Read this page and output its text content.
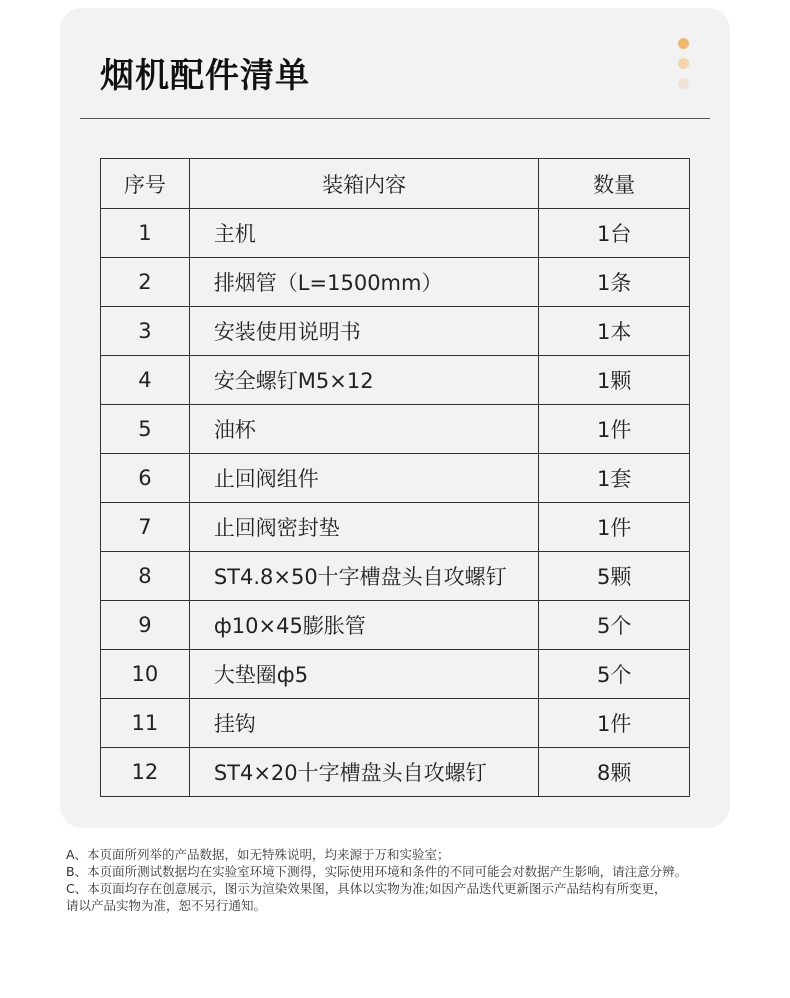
烟机配件清单
序号	装箱内容	数量
1	主机	1台
2	排烟管（L=1500mm）	1条
3	安装使用说明书	1本
4	安全螺钉M5×12	1颗
5	油杯	1件
6	止回阀组件	1套
7	止回阀密封垫	1件
8	ST4.8×50十字槽盘头自攻螺钉	5颗
9	ф10×45膨胀管	5个
10	大垫圈ф5	5个
11	挂钩	1件
12	ST4×20十字槽盘头自攻螺钉	8颗
A、本页面所列举的产品数据，如无特殊说明，均来源于万和实验室；
B、本页面所测试数据均在实验室环境下测得，实际使用环境和条件的不同可能会对数据产生影响，请注意分辨。
C、本页面均存在创意展示，图示为渲染效果图，具体以实物为准;如因产品迭代更新图示产品结构有所变更，
请以产品实物为准，恕不另行通知。
